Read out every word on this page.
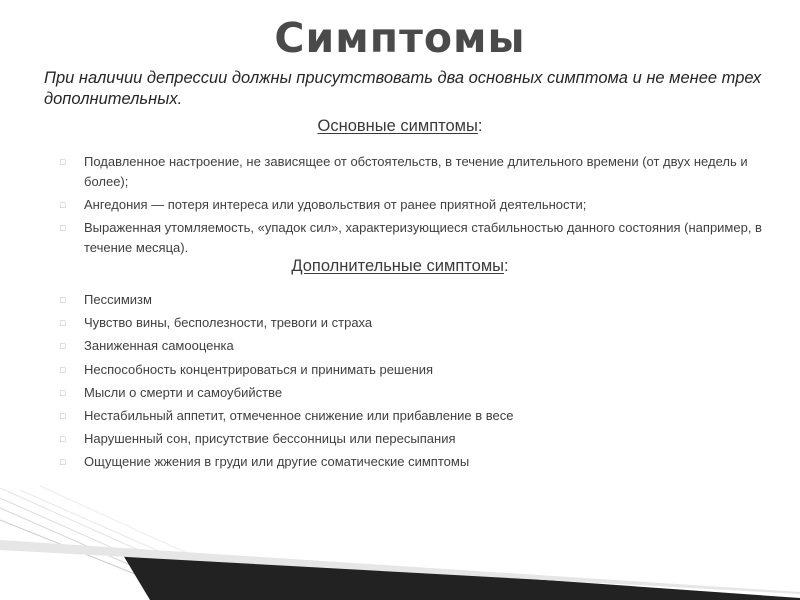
Симптомы
При наличии депрессии должны присутствовать два основных симптома и не менее трех дополнительных.
Основные симптомы:
□ Подавленное настроение, не зависящее от обстоятельств, в течение длительного времени (от двух недель и более);
□ Ангедония — потеря интереса или удовольствия от ранее приятной деятельности;
□ Выраженная утомляемость, «упадок сил», характеризующиеся стабильностью данного состояния (например, в течение месяца).
Дополнительные симптомы:
□ Пессимизм
□ Чувство вины, бесполезности, тревоги и страха
□ Заниженная самооценка
□ Неспособность концентрироваться и принимать решения
□ Мысли о смерти и самоубийстве
□ Нестабильный аппетит, отмеченное снижение или прибавление в весе
□ Нарушенный сон, присутствие бессонницы или пересыпания
□ Ощущение жжения в груди или другие соматические симптомы
